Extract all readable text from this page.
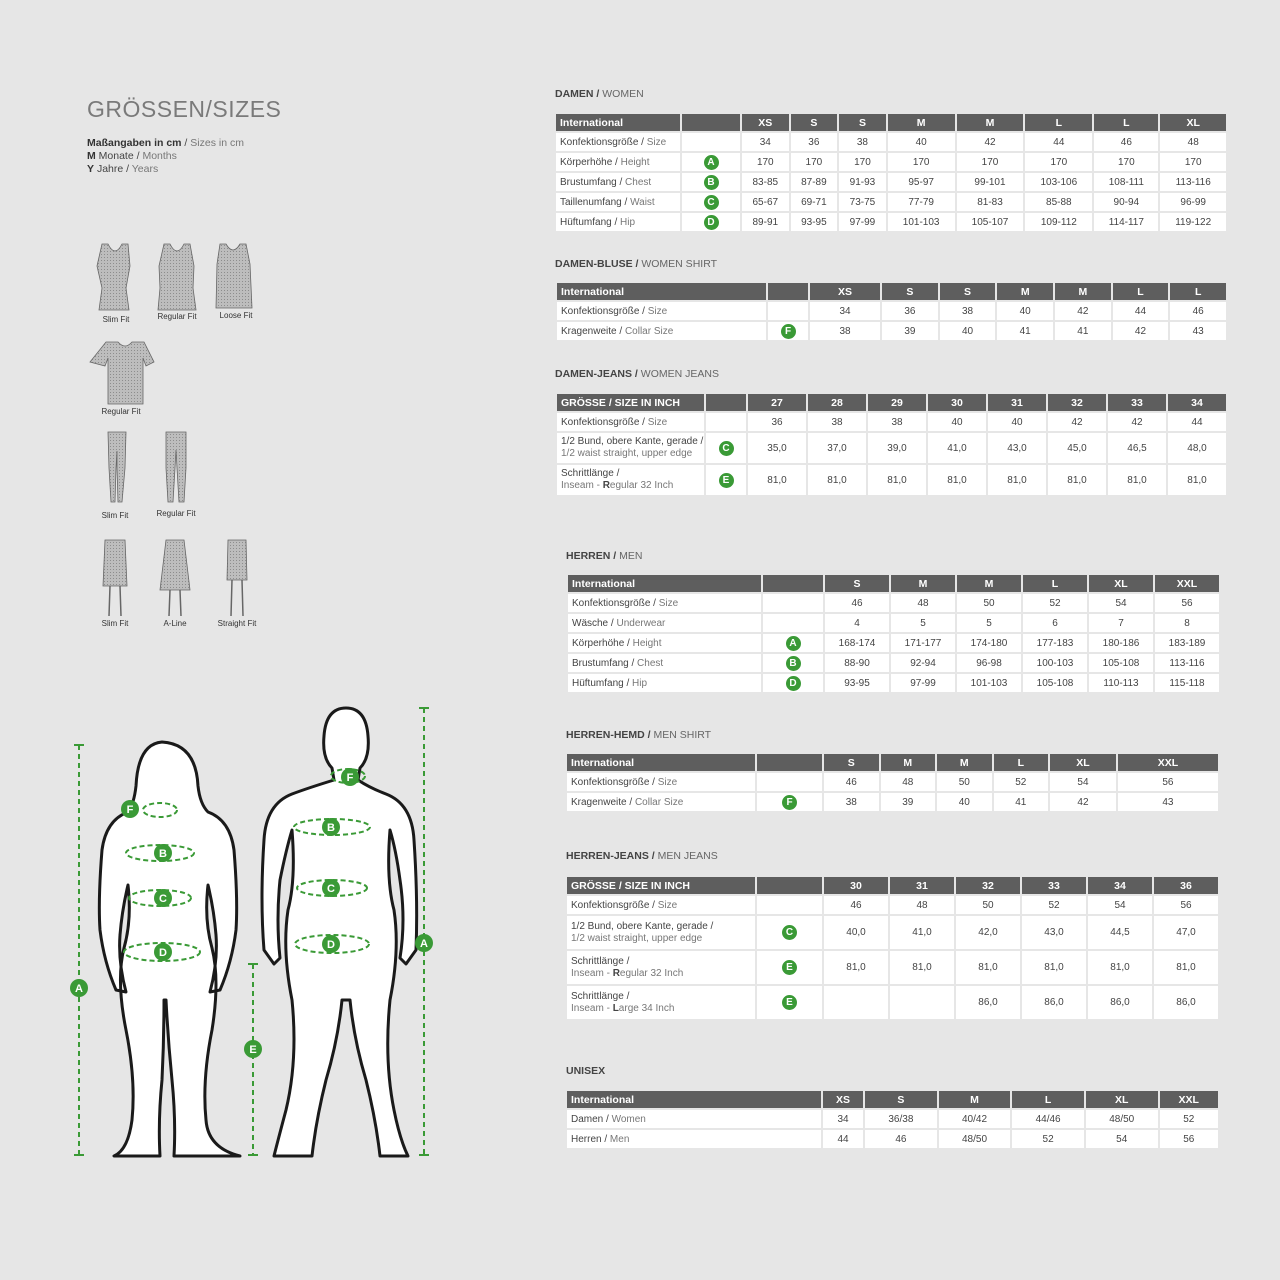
GRÖSSEN/SIZES
Maßangaben in cm / Sizes in cm
M Monate / Months
Y Jahre / Years
Slim Fit	Regular Fit	Loose Fit
Regular Fit
Slim Fit	Regular Fit
Slim Fit	A-Line	Straight Fit
A
A
E
F
F
B
C
D
B
C
D
DAMEN / WOMEN
International		XS	S	S	M	M	L	L	XL
Konfektionsgröße / Size		34	36	38	40	42	44	46	48
Körperhöhe / Height	A	170	170	170	170	170	170	170	170
Brustumfang / Chest	B	83-85	87-89	91-93	95-97	99-101	103-106	108-111	113-116
Taillenumfang / Waist	C	65-67	69-71	73-75	77-79	81-83	85-88	90-94	96-99
Hüftumfang / Hip	D	89-91	93-95	97-99	101-103	105-107	109-112	114-117	119-122
DAMEN-BLUSE / WOMEN SHIRT
International		XS	S	S	M	M	L	L
Konfektionsgröße / Size		34	36	38	40	42	44	46
Kragenweite / Collar Size	F	38	39	40	41	41	42	43
DAMEN-JEANS / WOMEN JEANS
GRÖSSE / SIZE IN INCH		27	28	29	30	31	32	33	34
Konfektionsgröße / Size		36	38	38	40	40	42	42	44
1/2 Bund, obere Kante, gerade /
1/2 waist straight, upper edge	C	35,0	37,0	39,0	41,0	43,0	45,0	46,5	48,0
Schrittlänge /
Inseam - Regular 32 Inch	E	81,0	81,0	81,0	81,0	81,0	81,0	81,0	81,0
HERREN / MEN
International		S	M	M	L	XL	XXL
Konfektionsgröße / Size		46	48	50	52	54	56
Wäsche / Underwear		4	5	5	6	7	8
Körperhöhe / Height	A	168-174	171-177	174-180	177-183	180-186	183-189
Brustumfang / Chest	B	88-90	92-94	96-98	100-103	105-108	113-116
Hüftumfang / Hip	D	93-95	97-99	101-103	105-108	110-113	115-118
HERREN-HEMD / MEN SHIRT
International		S	M	M	L	XL	XXL
Konfektionsgröße / Size		46	48	50	52	54	56
Kragenweite / Collar Size	F	38	39	40	41	42	43
HERREN-JEANS / MEN JEANS
GRÖSSE / SIZE IN INCH		30	31	32	33	34	36
Konfektionsgröße / Size		46	48	50	52	54	56
1/2 Bund, obere Kante, gerade /
1/2 waist straight, upper edge	C	40,0	41,0	42,0	43,0	44,5	47,0
Schrittlänge /
Inseam - Regular 32 Inch	E	81,0	81,0	81,0	81,0	81,0	81,0
Schrittlänge /
Inseam - Large 34 Inch	E			86,0	86,0	86,0	86,0
UNISEX
International	XS	S	M	L	XL	XXL
Damen / Women	34	36/38	40/42	44/46	48/50	52
Herren / Men	44	46	48/50	52	54	56
